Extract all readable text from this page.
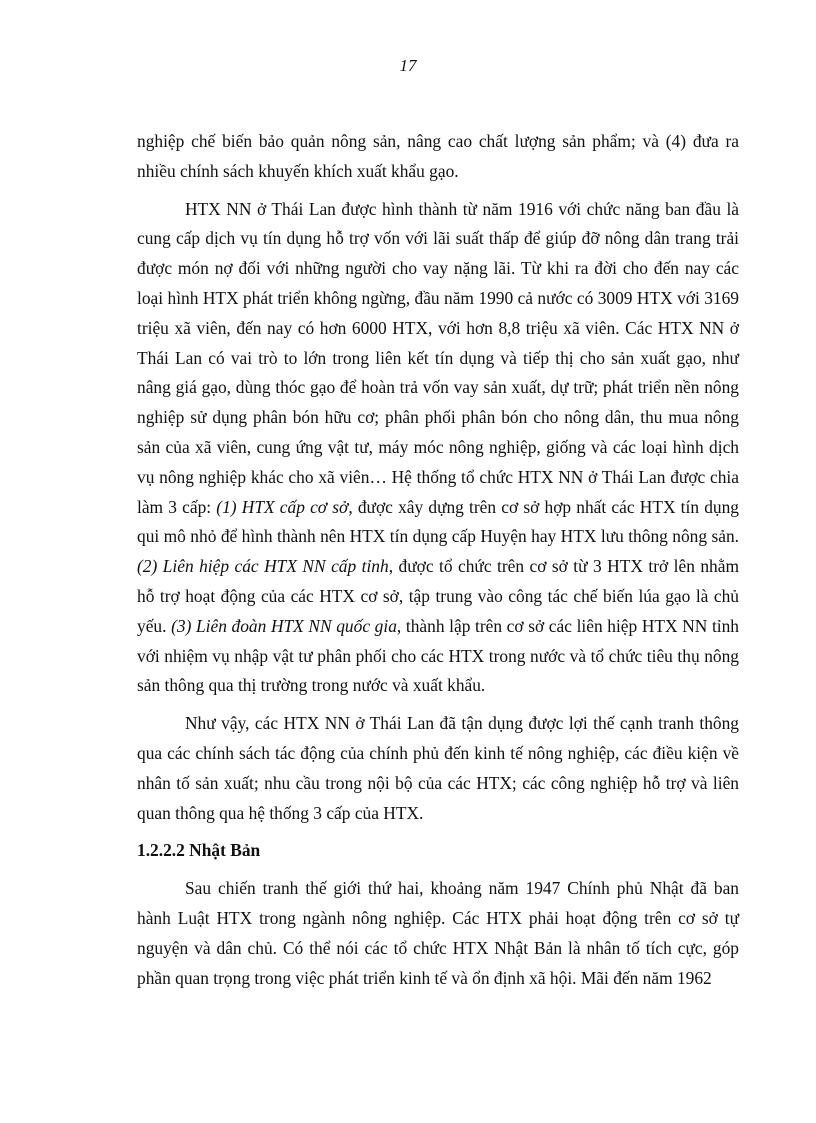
17

nghiệp chế biến bảo quản nông sản, nâng cao chất lượng sản phẩm; và (4) đưa ra nhiều chính sách khuyến khích xuất khẩu gạo.

HTX NN ở Thái Lan được hình thành từ năm 1916 với chức năng ban đầu là cung cấp dịch vụ tín dụng hỗ trợ vốn với lãi suất thấp để giúp đỡ nông dân trang trải được món nợ đối với những người cho vay nặng lãi. Từ khi ra đời cho đến nay các loại hình HTX phát triển không ngừng, đầu năm 1990 cả nước có 3009 HTX với 3169 triệu xã viên, đến nay có hơn 6000 HTX, với hơn 8,8 triệu xã viên. Các HTX NN ở Thái Lan có vai trò to lớn trong liên kết tín dụng và tiếp thị cho sản xuất gạo, như nâng giá gạo, dùng thóc gạo để hoàn trả vốn vay sản xuất, dự trữ; phát triển nền nông nghiệp sử dụng phân bón hữu cơ; phân phối phân bón cho nông dân, thu mua nông sản của xã viên, cung ứng vật tư, máy móc nông nghiệp, giống và các loại hình dịch vụ nông nghiệp khác cho xã viên… Hệ thống tổ chức HTX NN ở Thái Lan được chia làm 3 cấp: (1) HTX cấp cơ sở, được xây dựng trên cơ sở hợp nhất các HTX tín dụng qui mô nhỏ để hình thành nên HTX tín dụng cấp Huyện hay HTX lưu thông nông sản. (2) Liên hiệp các HTX NN cấp tỉnh, được tổ chức trên cơ sở từ 3 HTX trở lên nhằm hỗ trợ hoạt động của các HTX cơ sở, tập trung vào công tác chế biến lúa gạo là chủ yếu. (3) Liên đoàn HTX NN quốc gia, thành lập trên cơ sở các liên hiệp HTX NN tỉnh với nhiệm vụ nhập vật tư phân phối cho các HTX trong nước và tổ chức tiêu thụ nông sản thông qua thị trường trong nước và xuất khẩu.

Như vậy, các HTX NN ở Thái Lan đã tận dụng được lợi thế cạnh tranh thông qua các chính sách tác động của chính phủ đến kinh tế nông nghiệp, các điều kiện về nhân tố sản xuất; nhu cầu trong nội bộ của các HTX; các công nghiệp hỗ trợ và liên quan thông qua hệ thống 3 cấp của HTX.

1.2.2.2 Nhật Bản

Sau chiến tranh thế giới thứ hai, khoảng năm 1947 Chính phủ Nhật đã ban hành Luật HTX trong ngành nông nghiệp. Các HTX phải hoạt động trên cơ sở tự nguyện và dân chủ. Có thể nói các tổ chức HTX Nhật Bản là nhân tố tích cực, góp phần quan trọng trong việc phát triển kinh tế và ổn định xã hội. Mãi đến năm 1962
